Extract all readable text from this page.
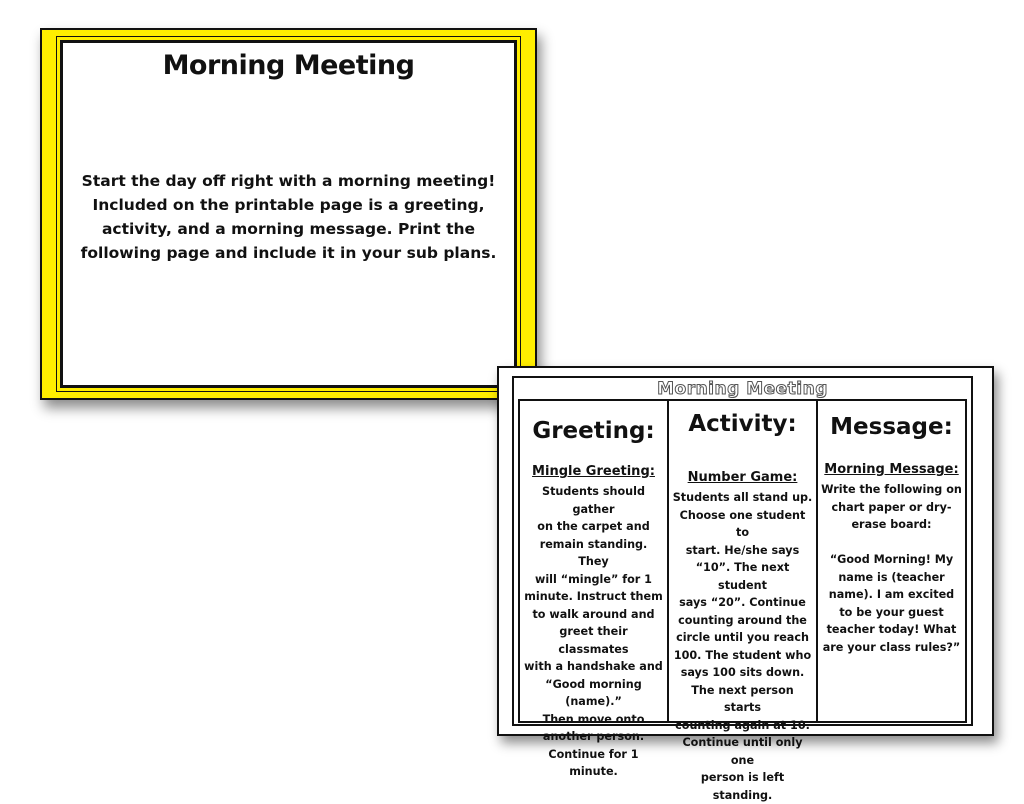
Morning Meeting
Start the day off right with a morning meeting! Included on the printable page is a greeting, activity, and a morning message. Print the following page and include it in your sub plans.
Morning Meeting
Greeting:
Mingle Greeting:
Students should gather
on the carpet and
remain standing. They
will “mingle” for 1
minute. Instruct them
to walk around and
greet their classmates
with a handshake and
“Good morning (name).”
Then move onto
another person.
Continue for 1 minute.
Activity:
Number Game:
Students all stand up.
Choose one student to
start. He/she says
“10”. The next student
says “20”. Continue
counting around the
circle until you reach
100. The student who
says 100 sits down.
The next person starts
counting again at 10.
Continue until only one
person is left standing.
Message:
Morning Message:
Write the following on
chart paper or dry-
erase board:

“Good Morning! My
name is (teacher
name). I am excited
to be your guest
teacher today! What
are your class rules?”
